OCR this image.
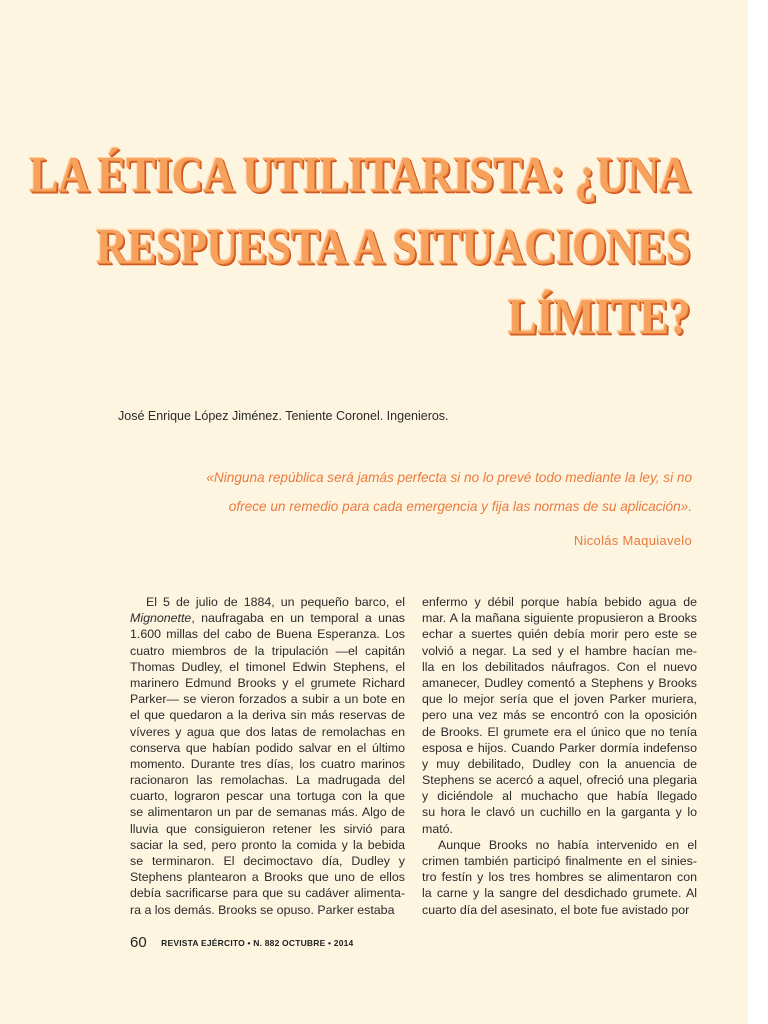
LA ÉTICA UTILITARISTA: ¿UNA
RESPUESTA A SITUACIONES
LÍMITE?
José Enrique López Jiménez. Teniente Coronel. Ingenieros.

«Ninguna república será jamás perfecta si no lo prevé todo mediante la ley, si no

ofrece un remedio para cada emergencia y fija las normas de su aplicación».

Nicolás Maquiavelo
El 5 de julio de 1884, un pequeño barco, el
Mignonette, naufragaba en un temporal a unas
1.600 millas del cabo de Buena Esperanza. Los
cuatro miembros de la tripulación —el capitán
Thomas Dudley, el timonel Edwin Stephens, el
marinero Edmund Brooks y el grumete Richard
Parker— se vieron forzados a subir a un bote en
el que quedaron a la deriva sin más reservas de
víveres y agua que dos latas de remolachas en
conserva que habían podido salvar en el último
momento. Durante tres días, los cuatro marinos
racionaron las remolachas. La madrugada del
cuarto, lograron pescar una tortuga con la que
se alimentaron un par de semanas más. Algo de
lluvia que consiguieron retener les sirvió para
saciar la sed, pero pronto la comida y la bebida
se terminaron. El decimoctavo día, Dudley y
Stephens plantearon a Brooks que uno de ellos
debía sacrificarse para que su cadáver alimenta-
ra a los demás. Brooks se opuso. Parker estaba
enfermo y débil porque había bebido agua de
mar. A la mañana siguiente propusieron a Brooks
echar a suertes quién debía morir pero este se
volvió a negar. La sed y el hambre hacían me-
lla en los debilitados náufragos. Con el nuevo
amanecer, Dudley comentó a Stephens y Brooks
que lo mejor sería que el joven Parker muriera,
pero una vez más se encontró con la oposición
de Brooks. El grumete era el único que no tenía
esposa e hijos. Cuando Parker dormía indefenso
y muy debilitado, Dudley con la anuencia de
Stephens se acercó a aquel, ofreció una plegaria
y diciéndole al muchacho que había llegado
su hora le clavó un cuchillo en la garganta y lo
mató.
Aunque Brooks no había intervenido en el
crimen también participó finalmente en el sinies-
tro festín y los tres hombres se alimentaron con
la carne y la sangre del desdichado grumete. Al
cuarto día del asesinato, el bote fue avistado por
60 REVISTA EJÉRCITO • N. 882 OCTUBRE • 2014
